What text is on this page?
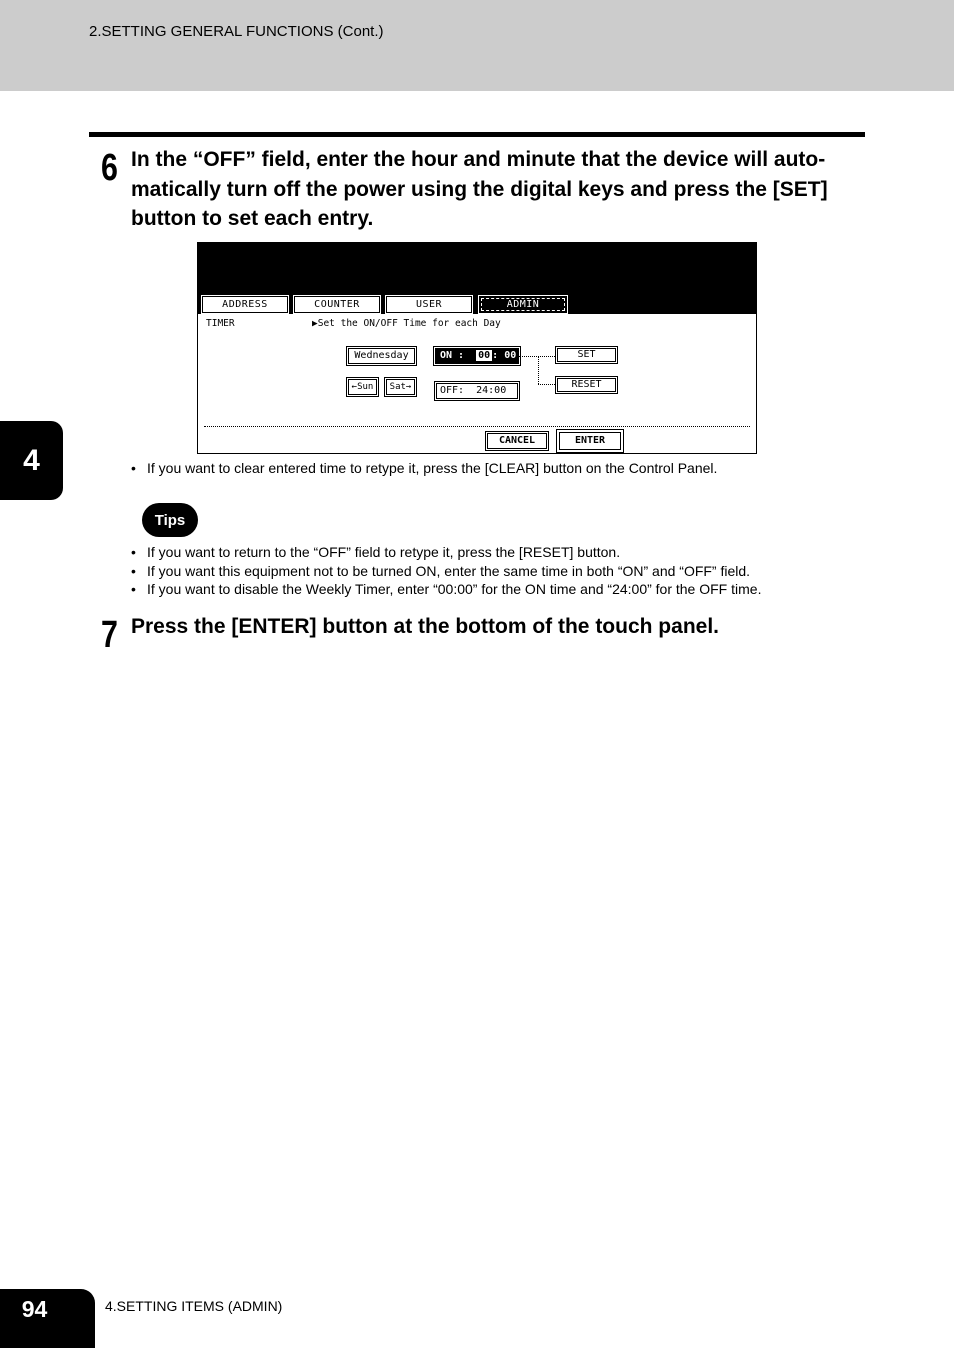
2.SETTING GENERAL FUNCTIONS (Cont.)
6 In the “OFF” field, enter the hour and minute that the device will auto-
matically turn off the power using the digital keys and press the [SET]
button to set each entry.
ADDRESS	COUNTER	USER	ADMIN
TIMER	▶Set the ON/OFF Time for each Day
Wednesday
←Sun	Sat→
ON : 00 : 00
OFF: 24:00
SET
RESET
CANCEL	ENTER
• If you want to clear entered time to retype it, press the [CLEAR] button on the Control Panel.
Tips
• If you want to return to the “OFF” field to retype it, press the [RESET] button.
• If you want this equipment not to be turned ON, enter the same time in both “ON” and “OFF” field.
• If you want to disable the Weekly Timer, enter “00:00” for the ON time and “24:00” for the OFF time.
7 Press the [ENTER] button at the bottom of the touch panel.
4
94	4.SETTING ITEMS (ADMIN)
